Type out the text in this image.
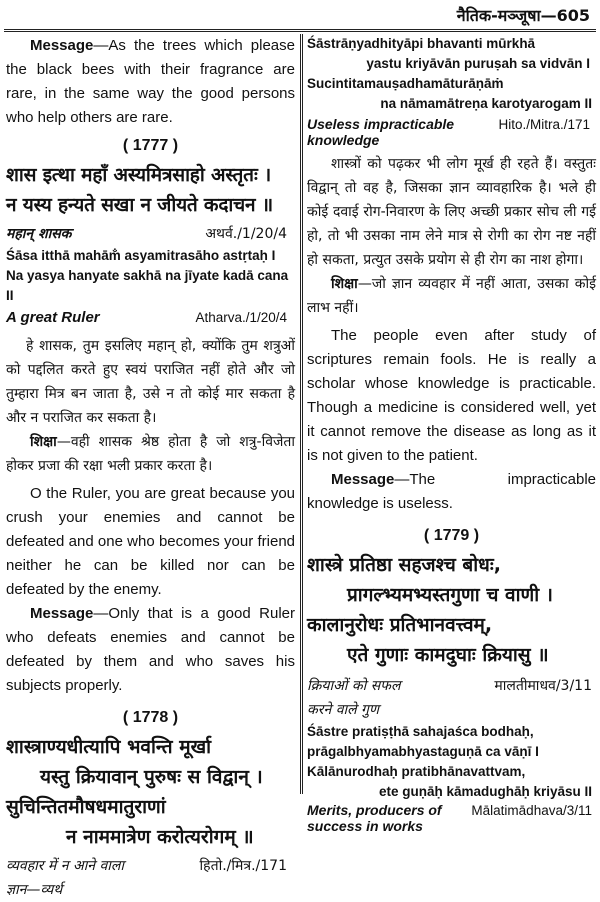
नैतिक-मञ्जूषा—605

Message—As the trees which please the black bees with their fragrance are rare, in the same way the good persons who help others are rare.

( 1777 )
शास इत्था महाँ अस्यमित्रसाहो अस्तृतः ।
न यस्य हन्यते सखा न जीयते कदाचन ॥
महान् शासक	अथर्व./1/20/4
Śāsa itthā mahām̐ asyamitrasāho astṛtaḥ I
Na yasya hanyate sakhā na jīyate kadā cana II
A great Ruler	Atharva./1/20/4

हे शासक, तुम इसलिए महान् हो, क्योंकि तुम शत्रुओं को पद्दलित करते हुए स्वयं पराजित नहीं होते और जो तुम्हारा मित्र बन जाता है, उसे न तो कोई मार सकता है और न पराजित कर सकता है।

शिक्षा—वही शासक श्रेष्ठ होता है जो शत्रु-विजेता होकर प्रजा की रक्षा भली प्रकार करता है।

O the Ruler, you are great because you crush your enemies and cannot be defeated and one who becomes your friend neither he can be killed nor can be defeated by the enemy.

Message—Only that is a good Ruler who defeats enemies and cannot be defeated by them and who saves his subjects properly.

( 1778 )
शास्त्राण्यधीत्यापि भवन्ति मूर्खा
यस्तु क्रियावान् पुरुषः स विद्वान् ।
सुचिन्तितमौषधमातुराणां
न नाममात्रेण करोत्यरोगम् ॥
व्यवहार में न आने वाला	हितो./मित्र./171
ज्ञान—व्यर्थ
Śāstrāṇyadhityāpi bhavanti mūrkhā
yastu kriyāvān puruṣah sa vidvān I
Sucintitamauṣadhamāturāṇāṁ
na nāmamātreṇa karotyarogam II
Useless impracticable knowledge
Hito./Mitra./171

शास्त्रों को पढ़कर भी लोग मूर्ख ही रहते हैं। वस्तुतः विद्वान् तो वह है, जिसका ज्ञान व्यावहारिक है। भले ही कोई दवाई रोग-निवारण के लिए अच्छी प्रकार सोच ली गई हो, तो भी उसका नाम लेने मात्र से रोगी का रोग नष्ट नहीं हो सकता, प्रत्युत उसके प्रयोग से ही रोग का नाश होगा।

शिक्षा—जो ज्ञान व्यवहार में नहीं आता, उसका कोई लाभ नहीं।

The people even after study of scriptures remain fools. He is really a scholar whose knowledge is practicable. Though a medicine is considered well, yet it cannot remove the disease as long as it is not given to the patient.

Message—The impracticable knowledge is useless.

( 1779 )
शास्त्रे प्रतिष्ठा सहजश्च बोधः,
प्रागल्भ्यमभ्यस्तगुणा च वाणी ।
कालानुरोधः प्रतिभानवत्त्वम्,
एते गुणाः कामदुघाः क्रियासु ॥
क्रियाओं को सफल	मालतीमाधव/3/11
करने वाले गुण
Śāstre pratiṣṭhā sahajaśca bodhaḥ,
prāgalbhyamabhyastaguṇā ca vāṇī I
Kālānurodhaḥ pratibhānavattvam,
ete guṇāḥ kāmadughāḥ kriyāsu II
Merits, producers of Mālatimādhava/3/11
success in works
